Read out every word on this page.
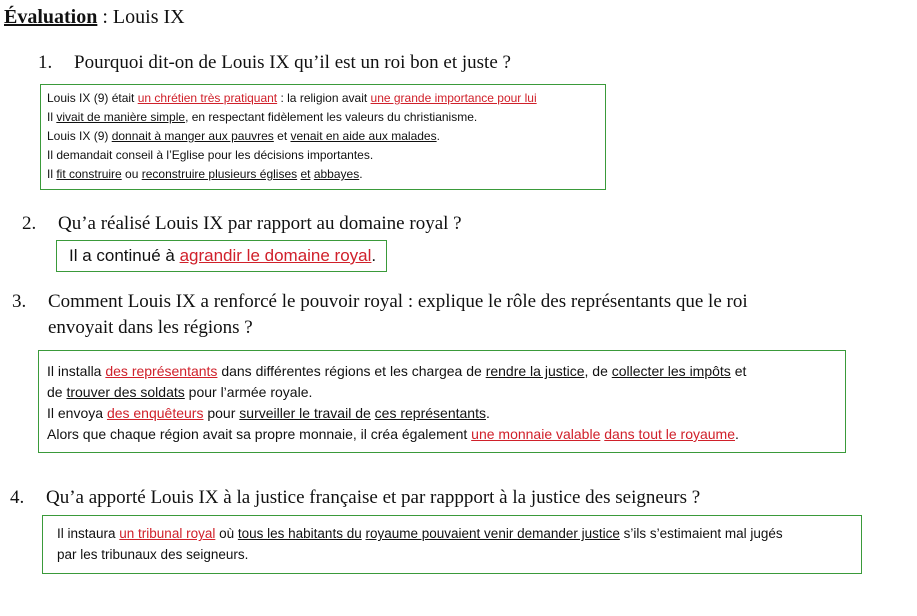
Évaluation : Louis IX
1. Pourquoi dit-on de Louis IX qu’il est un roi bon et juste ?
Louis IX (9) était un chrétien très pratiquant : la religion avait une grande importance pour lui
Il vivait de manière simple, en respectant fidèlement les valeurs du christianisme.
Louis IX (9) donnait à manger aux pauvres et venait en aide aux malades.
Il demandait conseil à l’Eglise pour les décisions importantes.
Il fit construire ou reconstruire plusieurs églises et abbayes.
2. Qu’a réalisé Louis IX par rapport au domaine royal ?
Il a continué à agrandir le domaine royal.
3. Comment Louis IX a renforcé le pouvoir royal : explique le rôle des représentants que le roi
envoyait dans les régions ?
Il installa des représentants dans différentes régions et les chargea de rendre la justice, de collecter les impôts et
de trouver des soldats pour l’armée royale.
Il envoya des enquêteurs pour surveiller le travail de ces représentants.
Alors que chaque région avait sa propre monnaie, il créa également une monnaie valable dans tout le royaume.
4. Qu’a apporté Louis IX à la justice française et par rappport à la justice des seigneurs ?
Il instaura un tribunal royal où tous les habitants du royaume pouvaient venir demander justice s’ils s’estimaient mal jugés
par les tribunaux des seigneurs.
